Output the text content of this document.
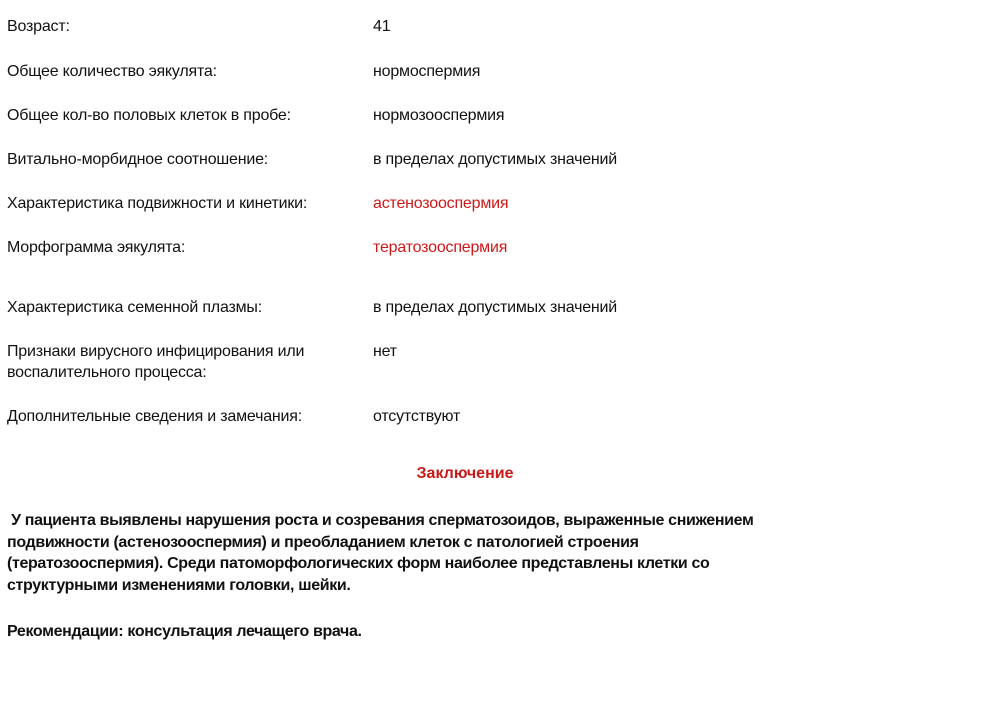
Возраст:	41
Общее количество эякулята:	нормоспермия
Общее кол-во половых клеток в пробе:	нормозооспермия
Витально-морбидное соотношение:	в пределах допустимых значений
Характеристика подвижности и кинетики:	астенозооспермия
Морфограмма эякулята:	тератозооспермия
Характеристика семенной плазмы:	в пределах допустимых значений
Признаки вирусного инфицирования или воспалительного процесса:
нет
Дополнительные сведения и замечания:	отсутствуют
Заключение
У пациента выявлены нарушения роста и созревания сперматозоидов, выраженные снижением
подвижности (астенозооспермия) и преобладанием клеток с патологией строения
(тератозооспермия). Среди патоморфологических форм наиболее представлены клетки со
структурными изменениями головки, шейки.
Рекомендации: консультация лечащего врача.
